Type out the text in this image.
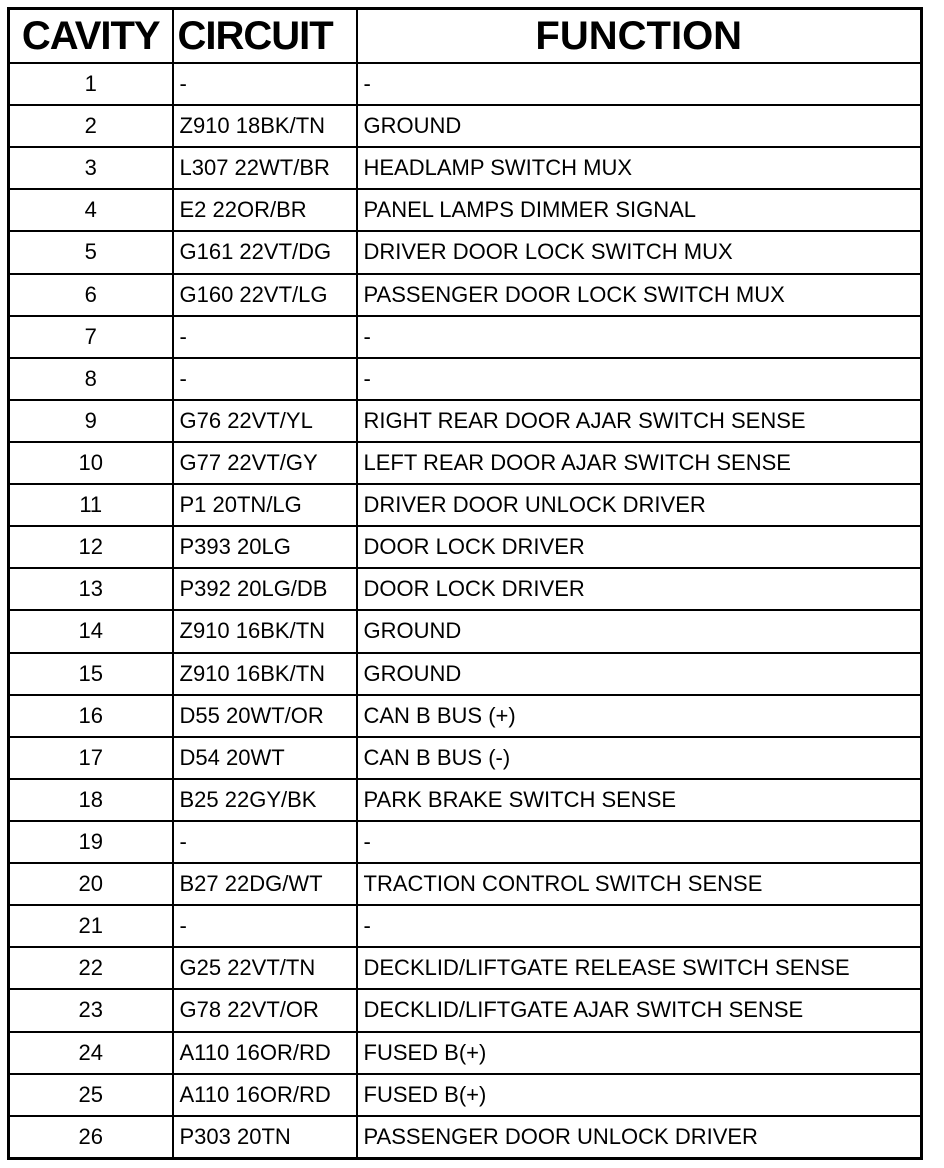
CAVITY	CIRCUIT	FUNCTION
1	-	-
2	Z910 18BK/TN	GROUND
3	L307 22WT/BR	HEADLAMP SWITCH MUX
4	E2 22OR/BR	PANEL LAMPS DIMMER SIGNAL
5	G161 22VT/DG	DRIVER DOOR LOCK SWITCH MUX
6	G160 22VT/LG	PASSENGER DOOR LOCK SWITCH MUX
7	-	-
8	-	-
9	G76 22VT/YL	RIGHT REAR DOOR AJAR SWITCH SENSE
10	G77 22VT/GY	LEFT REAR DOOR AJAR SWITCH SENSE
11	P1 20TN/LG	DRIVER DOOR UNLOCK DRIVER
12	P393 20LG	DOOR LOCK DRIVER
13	P392 20LG/DB	DOOR LOCK DRIVER
14	Z910 16BK/TN	GROUND
15	Z910 16BK/TN	GROUND
16	D55 20WT/OR	CAN B BUS (+)
17	D54 20WT	CAN B BUS (-)
18	B25 22GY/BK	PARK BRAKE SWITCH SENSE
19	-	-
20	B27 22DG/WT	TRACTION CONTROL SWITCH SENSE
21	-	-
22	G25 22VT/TN	DECKLID/LIFTGATE RELEASE SWITCH SENSE
23	G78 22VT/OR	DECKLID/LIFTGATE AJAR SWITCH SENSE
24	A110 16OR/RD	FUSED B(+)
25	A110 16OR/RD	FUSED B(+)
26	P303 20TN	PASSENGER DOOR UNLOCK DRIVER
